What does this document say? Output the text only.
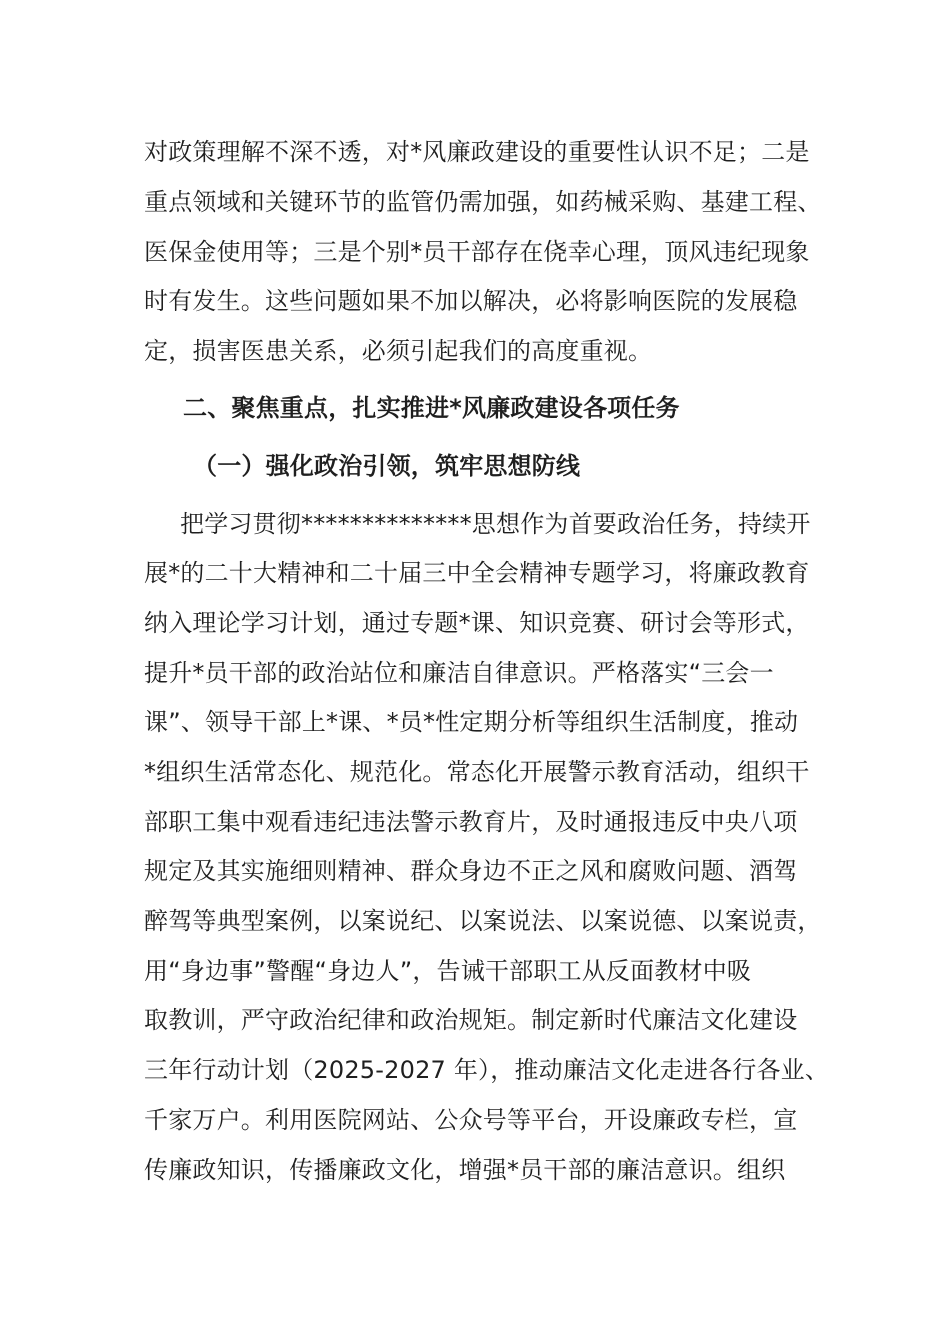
对政策理解不深不透，对*风廉政建设的重要性认识不足；二是
重点领域和关键环节的监管仍需加强，如药械采购、基建工程、
医保金使用等；三是个别*员干部存在侥幸心理，顶风违纪现象
时有发生。这些问题如果不加以解决，必将影响医院的发展稳
定，损害医患关系，必须引起我们的高度重视。
二、聚焦重点，扎实推进*风廉政建设各项任务
（一）强化政治引领，筑牢思想防线
把学习贯彻**************思想作为首要政治任务，持续开
展*的二十大精神和二十届三中全会精神专题学习，将廉政教育
纳入理论学习计划，通过专题*课、知识竞赛、研讨会等形式，
提升*员干部的政治站位和廉洁自律意识。严格落实“三会一
课”、领导干部上*课、*员*性定期分析等组织生活制度，推动
*组织生活常态化、规范化。常态化开展警示教育活动，组织干
部职工集中观看违纪违法警示教育片，及时通报违反中央八项
规定及其实施细则精神、群众身边不正之风和腐败问题、酒驾
醉驾等典型案例，以案说纪、以案说法、以案说德、以案说责，
用“身边事”警醒“身边人”，告诫干部职工从反面教材中吸
取教训，严守政治纪律和政治规矩。制定新时代廉洁文化建设
三年行动计划（2025-2027 年），推动廉洁文化走进各行各业、
千家万户。利用医院网站、公众号等平台，开设廉政专栏，宣
传廉政知识，传播廉政文化，增强*员干部的廉洁意识。组织
